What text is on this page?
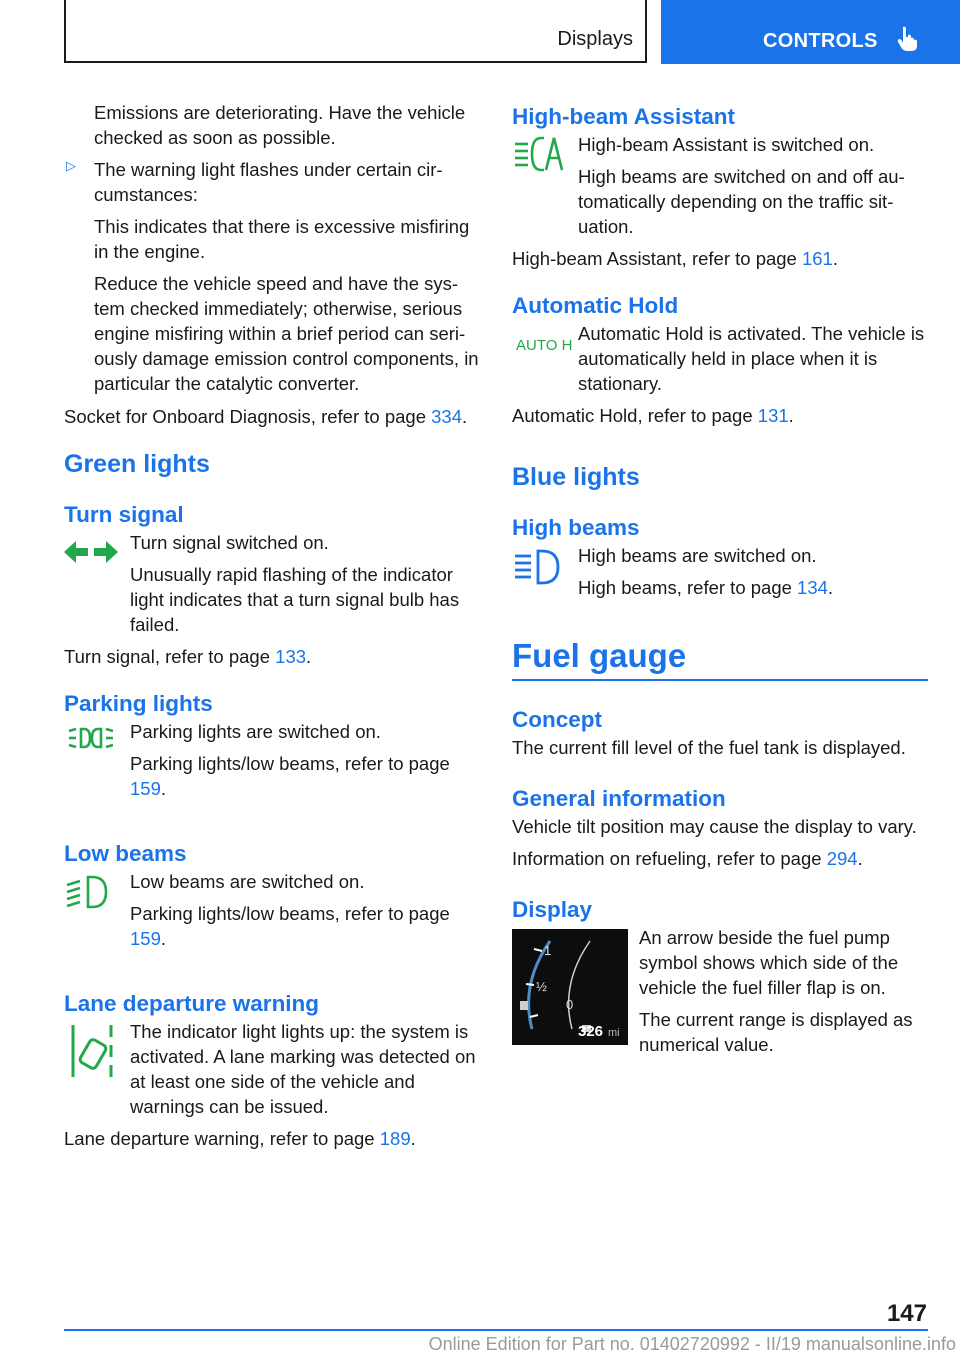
Displays	CONTROLS

Emissions are deteriorating. Have the vehicle checked as soon as possible.

▷ The warning light flashes under certain cir‐ cumstances:

This indicates that there is excessive misfiring in the engine.

Reduce the vehicle speed and have the sys‐ tem checked immediately; otherwise, serious engine misfiring within a brief period can seri‐ ously damage emission control components, in particular the catalytic converter.

Socket for Onboard Diagnosis, refer to page 334.

Green lights
Turn signal

Turn signal switched on.

Unusually rapid flashing of the indicator light indicates that a turn signal bulb has failed.

Turn signal, refer to page 133.

Parking lights

Parking lights are switched on.

Parking lights/low beams, refer to page 159.

Low beams

Low beams are switched on.

Parking lights/low beams, refer to page 159.

Lane departure warning

The indicator light lights up: the system is activated. A lane marking was detected on at least one side of the vehicle and warnings can be issued.

Lane departure warning, refer to page 189.

High-beam Assistant

High-beam Assistant is switched on.

High beams are switched on and off au‐ tomatically depending on the traffic sit‐ uation.

High-beam Assistant, refer to page 161.

Automatic Hold
AUTO H

Automatic Hold is activated. The vehicle is automatically held in place when it is stationary.

Automatic Hold, refer to page 131.

Blue lights
High beams

High beams are switched on.

High beams, refer to page 134.

Fuel gauge
Concept

The current fill level of the fuel tank is displayed.

General information

Vehicle tilt position may cause the display to vary.

Information on refueling, refer to page 294.

Display
1
½
0
326 mi

An arrow beside the fuel pump symbol shows which side of the vehicle the fuel filler flap is on.

The current range is displayed as numerical value.

147
Online Edition for Part no. 01402720992 - II/19 manualsonline.info
